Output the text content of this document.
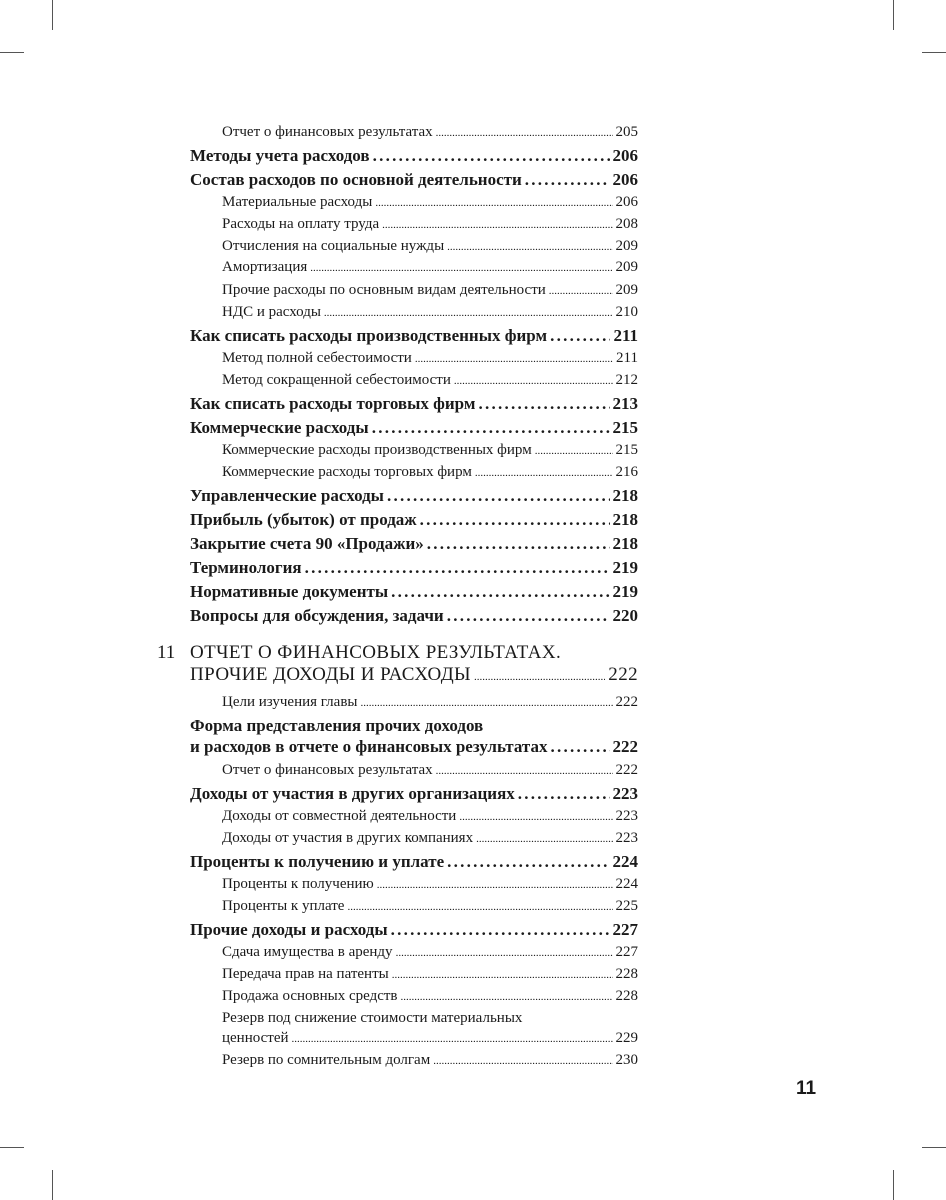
Отчет о финансовых результатах .....	205
Методы учета расходов . . .	206
Состав расходов по основной деятельности . . .	206
Материальные расходы .....	206
Расходы на оплату труда .....	208
Отчисления на социальные нужды .....	209
Амортизация .....	209
Прочие расходы по основным видам деятельности .....	209
НДС и расходы .....	210
Как списать расходы производственных фирм . . .	211
Метод полной себестоимости .....	211
Метод сокращенной себестоимости .....	212
Как списать расходы торговых фирм . . .	213
Коммерческие расходы . . .	215
Коммерческие расходы производственных фирм .....	215
Коммерческие расходы торговых фирм .....	216
Управленческие расходы . . .	218
Прибыль (убыток) от продаж . . .	218
Закрытие счета 90 «Продажи» . . .	218
Терминология . . .	219
Нормативные документы . . .	219
Вопросы для обсуждения, задачи . . .	220
11 ОТЧЕТ О ФИНАНСОВЫХ РЕЗУЛЬТАТАХ.
ПРОЧИЕ ДОХОДЫ И РАСХОДЫ .....	222
Цели изучения главы .....	222
Форма представления прочих доходов
и расходов в отчете о финансовых результатах . . .	222
Отчет о финансовых результатах .....	222
Доходы от участия в других организациях . . .	223
Доходы от совместной деятельности .....	223
Доходы от участия в других компаниях .....	223
Проценты к получению и уплате . . .	224
Проценты к получению .....	224
Проценты к уплате .....	225
Прочие доходы и расходы . . .	227
Сдача имущества в аренду .....	227
Передача прав на патенты .....	228
Продажа основных средств .....	228
Резерв под снижение стоимости материальных
ценностей .....	229
Резерв по сомнительным долгам .....	230
11
